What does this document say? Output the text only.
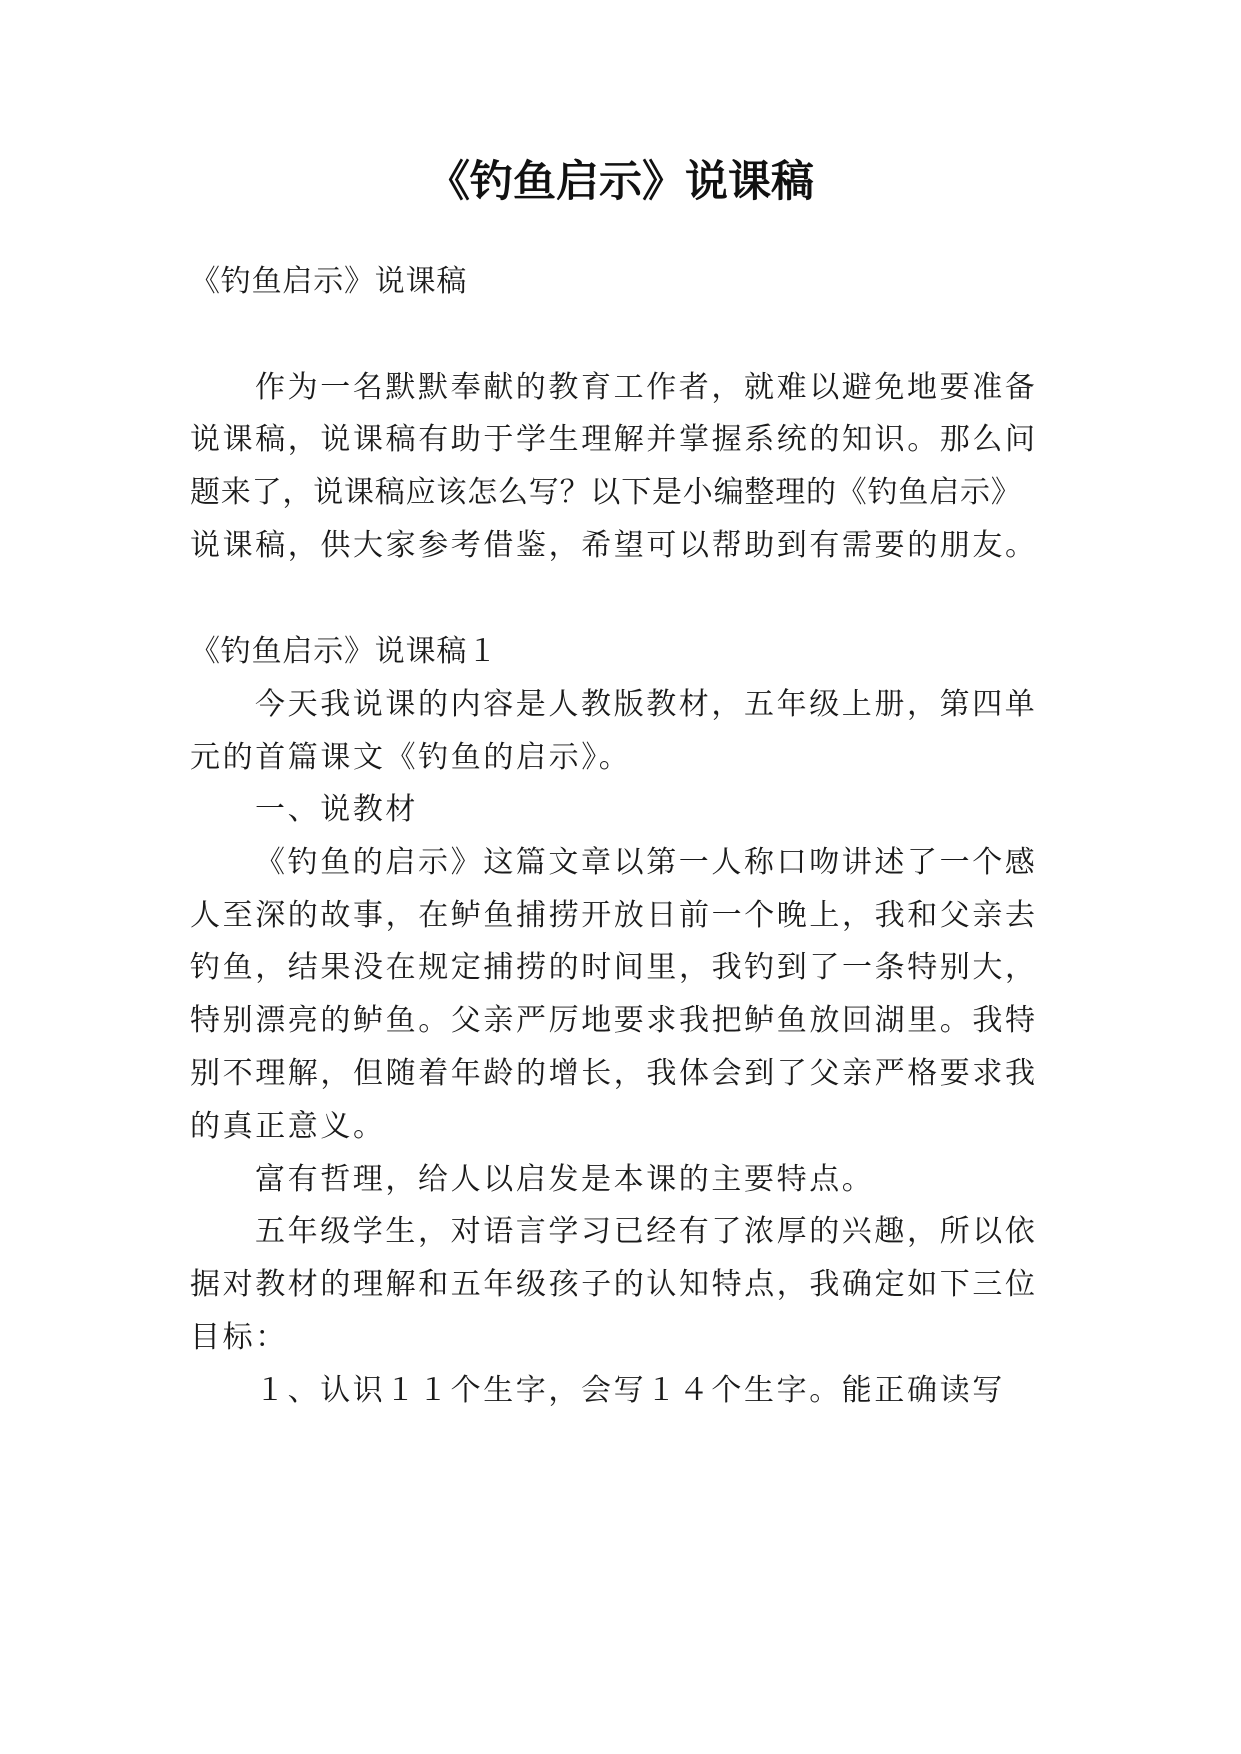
《钓鱼启示》说课稿
《钓鱼启示》说课稿
作为一名默默奉献的教育工作者，就难以避免地要准备
说课稿，说课稿有助于学生理解并掌握系统的知识。那么问
题来了，说课稿应该怎么写？以下是小编整理的《钓鱼启示》
说课稿，供大家参考借鉴，希望可以帮助到有需要的朋友。
《钓鱼启示》说课稿１
今天我说课的内容是人教版教材，五年级上册，第四单
元的首篇课文《钓鱼的启示》。
一、说教材
《钓鱼的启示》这篇文章以第一人称口吻讲述了一个感
人至深的故事，在鲈鱼捕捞开放日前一个晚上，我和父亲去
钓鱼，结果没在规定捕捞的时间里，我钓到了一条特别大，
特别漂亮的鲈鱼。父亲严厉地要求我把鲈鱼放回湖里。我特
别不理解，但随着年龄的增长，我体会到了父亲严格要求我
的真正意义。
富有哲理，给人以启发是本课的主要特点。
五年级学生，对语言学习已经有了浓厚的兴趣，所以依
据对教材的理解和五年级孩子的认知特点，我确定如下三位
目标：
１、认识１１个生字，会写１４个生字。能正确读写
